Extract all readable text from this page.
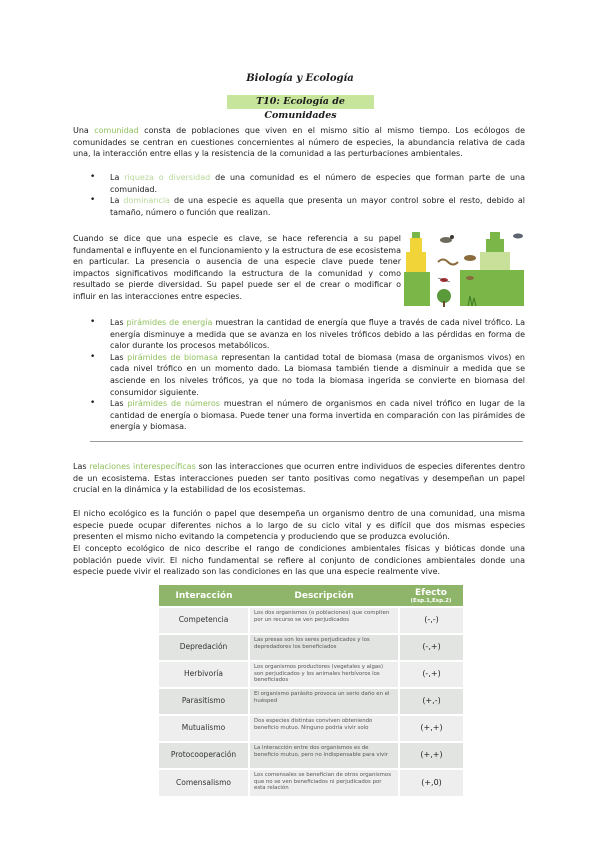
Biología y Ecología
T10: Ecología de Comunidades

Una comunidad consta de poblaciones que viven en el mismo sitio al mismo tiempo. Los ecólogos de comunidades se centran en cuestiones concernientes al número de especies, la abundancia relativa de cada una, la interacción entre ellas y la resistencia de la comunidad a las perturbaciones ambientales.

• La riqueza o diversidad de una comunidad es el número de especies que forman parte de una comunidad.
• La dominancia de una especie es aquella que presenta un mayor control sobre el resto, debido al tamaño, número o función que realizan.

Cuando se dice que una especie es clave, se hace referencia a su papel fundamental e influyente en el funcionamiento y la estructura de ese ecosistema en particular. La presencia o ausencia de una especie clave puede tener impactos significativos modificando la estructura de la comunidad y como resultado se pierde diversidad. Su papel puede ser el de crear o modificar o influir en las interacciones entre especies.

• Las pirámides de energía muestran la cantidad de energía que fluye a través de cada nivel trófico. La energía disminuye a medida que se avanza en los niveles tróficos debido a las pérdidas en forma de calor durante los procesos metabólicos.
• Las pirámides de biomasa representan la cantidad total de biomasa (masa de organismos vivos) en cada nivel trófico en un momento dado. La biomasa también tiende a disminuir a medida que se asciende en los niveles tróficos, ya que no toda la biomasa ingerida se convierte en biomasa del consumidor siguiente.
• Las pirámides de números muestran el número de organismos en cada nivel trófico en lugar de la cantidad de energía o biomasa. Puede tener una forma invertida en comparación con las pirámides de energía y biomasa.

Las relaciones interespecíficas son las interacciones que ocurren entre individuos de especies diferentes dentro de un ecosistema. Estas interacciones pueden ser tanto positivas como negativas y desempeñan un papel crucial en la dinámica y la estabilidad de los ecosistemas.

El nicho ecológico es la función o papel que desempeña un organismo dentro de una comunidad, una misma especie puede ocupar diferentes nichos a lo largo de su ciclo vital y es difícil que dos mismas especies presenten el mismo nicho evitando la competencia y produciendo que se produzca evolución.

El concepto ecológico de nico describe el rango de condiciones ambientales físicas y bióticas donde una población puede vivir. El nicho fundamental se refiere al conjunto de condiciones ambientales donde una especie puede vivir el realizado son las condiciones en las que una especie realmente vive.

Interacción	Descripción	Efecto
(Esp.1,Esp.2)

Competencia	Los dos organismos (o poblaciones) que compiten por un recurso se ven perjudicados	(-,-)
Depredación	Las presas son los seres perjudicados y los depredadores los beneficiados	(-,+)
Herbivoría	Los organismos productores (vegetales y algas) son perjudicados y los animales herbívoros los beneficiados	(-,+)
Parasitismo	El organismo parásito provoca un serio daño en el huésped	(+,-)
Mutualismo	Dos especies distintas conviven obteniendo beneficio mutuo. Ninguno podría vivir solo	(+,+)
Protocooperación	La interacción entre dos organismos es de beneficio mutuo, pero no indispensable para vivir	(+,+)
Comensalismo	Los comensales se benefician de otros organismos que no se ven beneficiados ni perjudicados por esta relación	(+,0)
